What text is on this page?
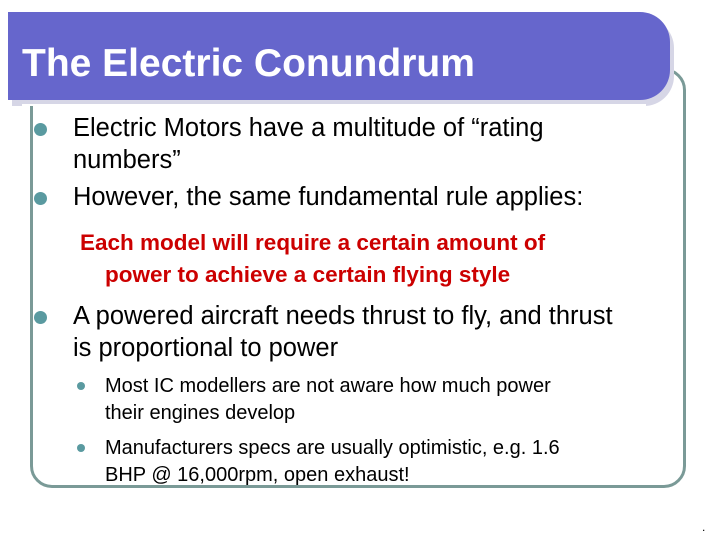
The Electric Conundrum
Electric Motors have a multitude of “rating
numbers”
However, the same fundamental rule applies:
Each model will require a certain amount of
power to achieve a certain flying style
A powered aircraft needs thrust to fly, and thrust
is proportional to power
Most IC modellers are not aware how much power
their engines develop
Manufacturers specs are usually optimistic, e.g. 1.6
BHP @ 16,000rpm, open exhaust!
.
